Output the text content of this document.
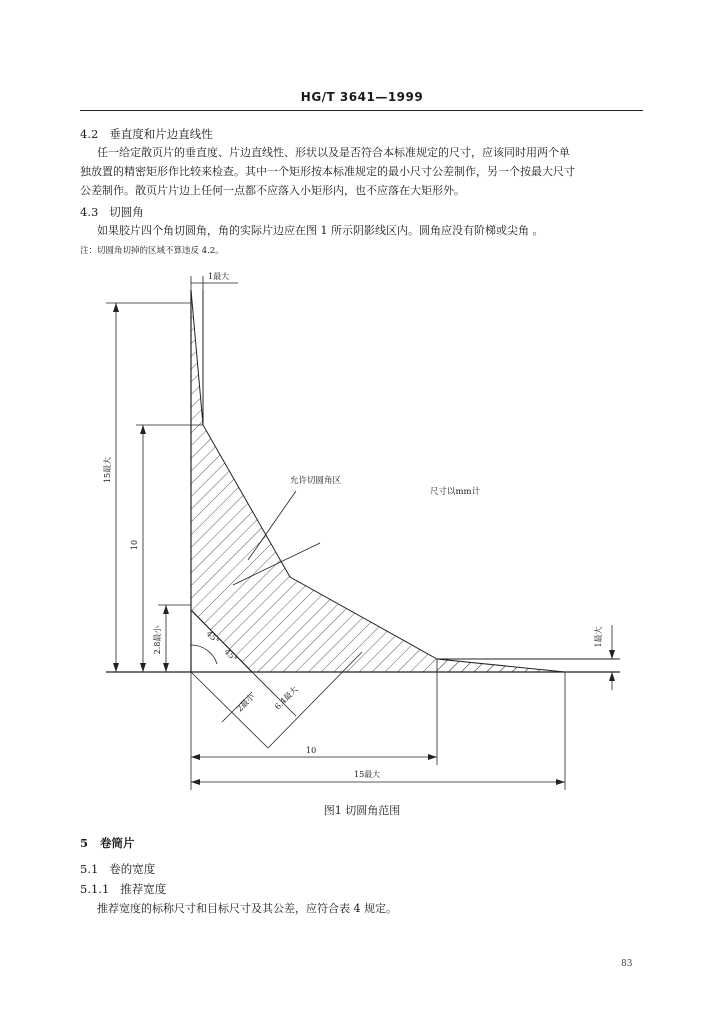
HG/T 3641—1999
4.2 垂直度和片边直线性
任一给定散页片的垂直度、片边直线性、形状以及是否符合本标准规定的尺寸，应该同时用两个单
独放置的精密矩形作比较来检查。其中一个矩形按本标准规定的最小尺寸公差制作，另一个按最大尺寸
公差制作。散页片片边上任何一点都不应落入小矩形内，也不应落在大矩形外。
4.3 切圆角
如果胶片四个角切圆角，角的实际片边应在图 1 所示阴影线区内。圆角应没有阶梯或尖角 。
注：切圆角切掉的区域不算违反 4.2。
1最大
允许切圆角区
尺寸以mm计
15最大
10
2.8最小	1最大
45°
45°
2最小 6.4最大
10
15最大
图1 切圆角范围
5 卷筒片
5.1 卷的宽度
5.1.1 推荐宽度
推荐宽度的标称尺寸和目标尺寸及其公差，应符合表 4 规定。
83
